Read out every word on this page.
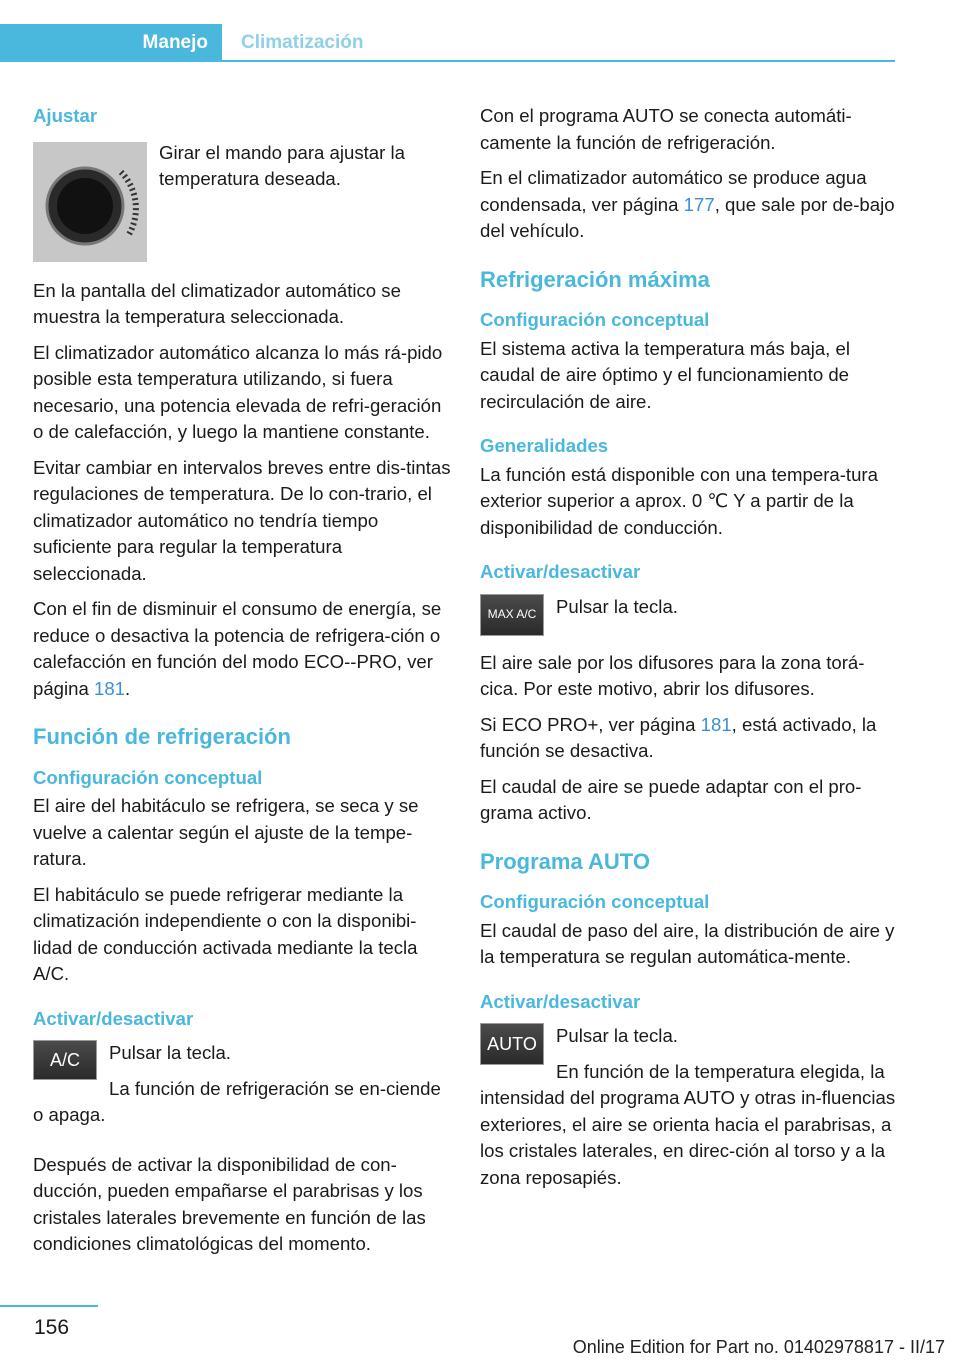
Manejo Climatización
Ajustar

Girar el mando para ajustar la temperatura deseada.

En la pantalla del climatizador automático se muestra la temperatura seleccionada.

El climatizador automático alcanza lo más rá‐pido posible esta temperatura utilizando, si fuera necesario, una potencia elevada de refri‐geración o de calefacción, y luego la mantiene constante.

Evitar cambiar en intervalos breves entre dis‐tintas regulaciones de temperatura. De lo con‐trario, el climatizador automático no tendría tiempo suficiente para regular la temperatura seleccionada.

Con el fin de disminuir el consumo de energía, se reduce o desactiva la potencia de refrigera‐ción o calefacción en función del modo ECO-‐PRO, ver página 181.

Función de refrigeración
Configuración conceptual

El aire del habitáculo se refrigera, se seca y se vuelve a calentar según el ajuste de la tempe‐ratura.

El habitáculo se puede refrigerar mediante la climatización independiente o con la disponibi‐lidad de conducción activada mediante la tecla A/C.

Activar/desactivar
A/C	Pulsar la tecla.

La función de refrigeración se en‐ciende o apaga.

Después de activar la disponibilidad de con‐ducción, pueden empañarse el parabrisas y los cristales laterales brevemente en función de las condiciones climatológicas del momento.

Con el programa AUTO se conecta automáti‐camente la función de refrigeración.

En el climatizador automático se produce agua condensada, ver página 177, que sale por de‐bajo del vehículo.

Refrigeración máxima
Configuración conceptual

El sistema activa la temperatura más baja, el caudal de aire óptimo y el funcionamiento de recirculación de aire.

Generalidades

La función está disponible con una tempera‐tura exterior superior a aprox. 0 ℃ Y a partir de la disponibilidad de conducción.

Activar/desactivar
MAX A/C	Pulsar la tecla.

El aire sale por los difusores para la zona torá‐cica. Por este motivo, abrir los difusores.

Si ECO PRO+, ver página 181, está activado, la función se desactiva.

El caudal de aire se puede adaptar con el pro‐grama activo.

Programa AUTO
Configuración conceptual

El caudal de paso del aire, la distribución de aire y la temperatura se regulan automática‐mente.

Activar/desactivar
AUTO	Pulsar la tecla.

En función de la temperatura elegida, la intensidad del programa AUTO y otras in‐fluencias exteriores, el aire se orienta hacia el parabrisas, a los cristales laterales, en direc‐ción al torso y a la zona reposapiés.

156
Online Edition for Part no. 01402978817 - II/17
